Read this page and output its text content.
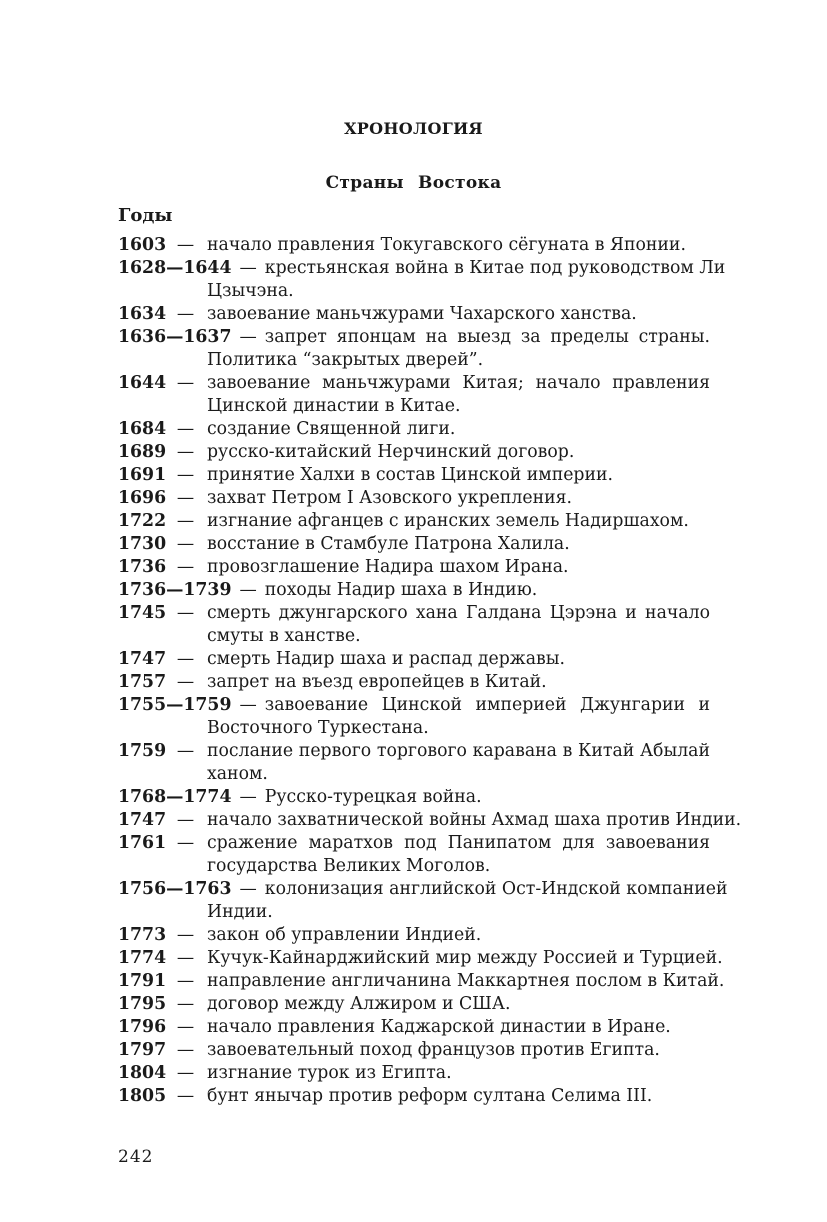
ХРОНОЛОГИЯ
Страны Востока
Годы
1603 — начало правления Токугавского сёгуната в Японии.
1628—1644 — крестьянская война в Китае под руководством Ли
Цзычэна.
1634 — завоевание маньчжурами Чахарского ханства.
1636—1637 — запрет японцам на выезд за пределы страны.
Политика “закрытых дверей”.
1644 — завоевание маньчжурами Китая; начало правления
Цинской династии в Китае.
1684 — создание Священной лиги.
1689 — русско-китайский Нерчинский договор.
1691 — принятие Халхи в состав Цинской империи.
1696 — захват Петром I Азовского укрепления.
1722 — изгнание афганцев с иранских земель Надиршахом.
1730 — восстание в Стамбуле Патрона Халила.
1736 — провозглашение Надира шахом Ирана.
1736—1739 — походы Надир шаха в Индию.
1745 — смерть джунгарского хана Галдана Цэрэна и начало
смуты в ханстве.
1747 — смерть Надир шаха и распад державы.
1757 — запрет на въезд европейцев в Китай.
1755—1759 — завоевание Цинской империей Джунгарии и
Восточного Туркестана.
1759 — послание первого торгового каравана в Китай Абылай
ханом.
1768—1774 — Русско-турецкая война.
1747 — начало захватнической войны Ахмад шаха против Индии.
1761 — сражение маратхов под Панипатом для завоевания
государства Великих Моголов.
1756—1763 — колонизация английской Ост-Индской компанией
Индии.
1773 — закон об управлении Индией.
1774 — Кучук-Кайнарджийский мир между Россией и Турцией.
1791 — направление англичанина Маккартнея послом в Китай.
1795 — договор между Алжиром и США.
1796 — начало правления Каджарской династии в Иране.
1797 — завоевательный поход французов против Египта.
1804 — изгнание турок из Египта.
1805 — бунт янычар против реформ султана Селима III.
242
